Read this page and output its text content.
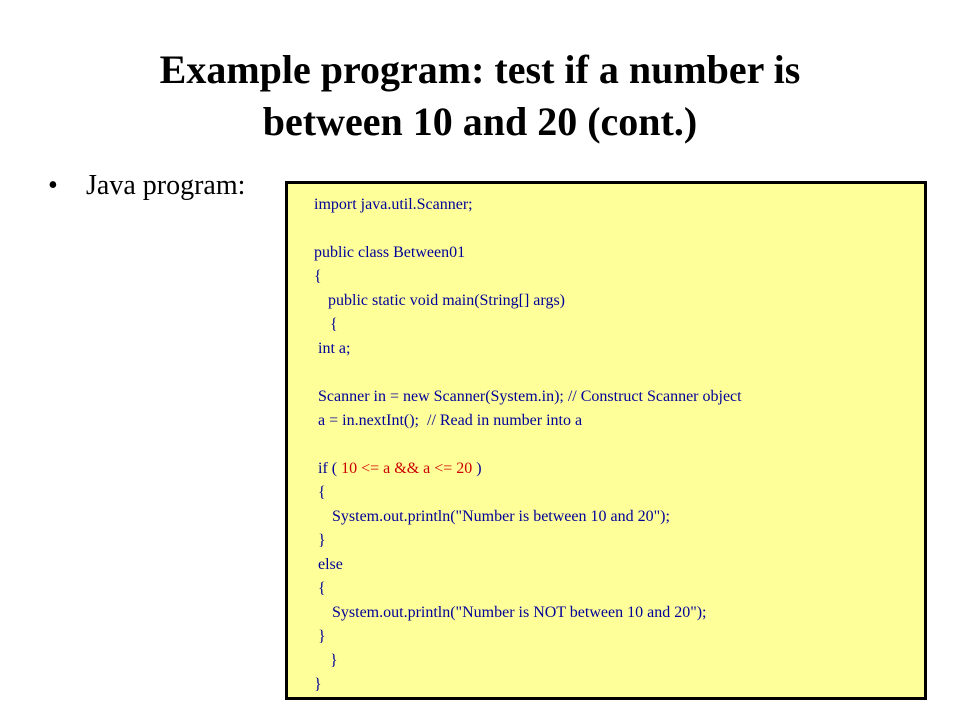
Example program: test if a number is
between 10 and 20 (cont.)
• Java program:
import java.util.Scanner;
public class Between01
{
public static void main(String[] args)
{
int a;
Scanner in = new Scanner(System.in); // Construct Scanner object
a = in.nextInt();  // Read in number into a
if ( 10 <= a && a <= 20 )
{
System.out.println("Number is between 10 and 20");
}
else
{
System.out.println("Number is NOT between 10 and 20");
}
}
}
